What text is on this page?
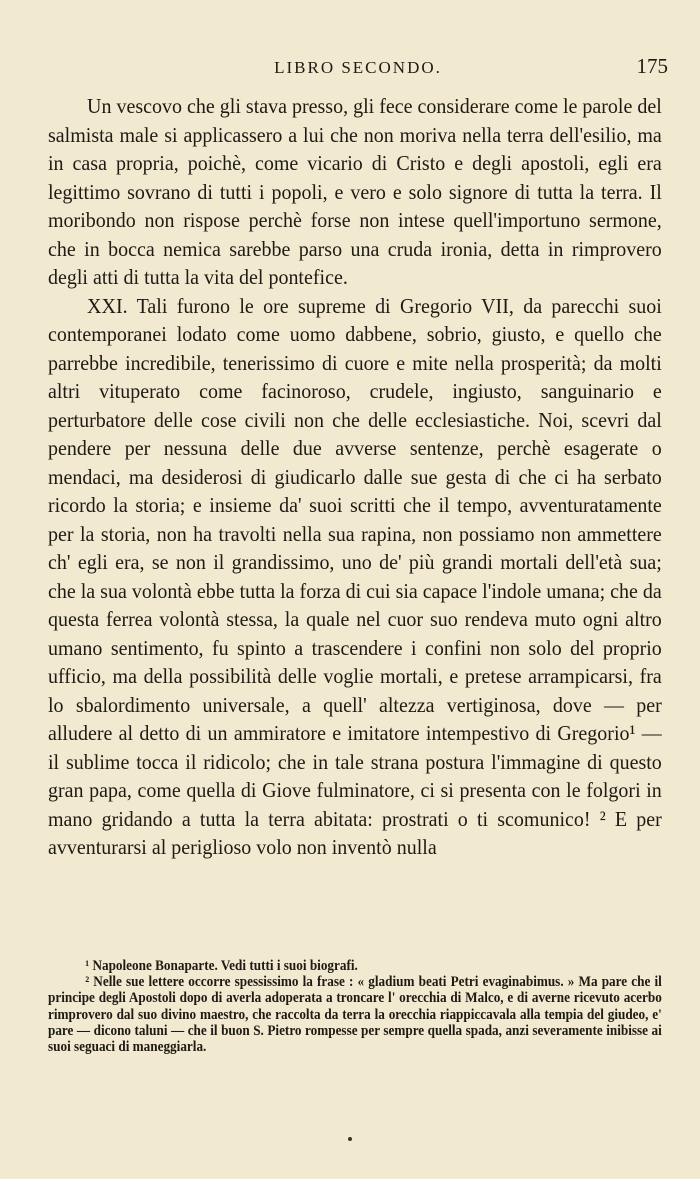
LIBRO SECONDO.	175

Un vescovo che gli stava presso, gli fece considerare come le parole del salmista male si applicassero a lui che non moriva nella terra dell'esilio, ma in casa propria, poichè, come vicario di Cristo e degli apostoli, egli era legittimo sovrano di tutti i popoli, e vero e solo signore di tutta la terra. Il moribondo non rispose perchè forse non intese quell'importuno sermone, che in bocca nemica sarebbe parso una cruda ironia, detta in rimprovero degli atti di tutta la vita del pontefice.

XXI. Tali furono le ore supreme di Gregorio VII, da parecchi suoi contemporanei lodato come uomo dabbene, sobrio, giusto, e quello che parrebbe incredibile, tenerissimo di cuore e mite nella prosperità; da molti altri vituperato come facinoroso, crudele, ingiusto, sanguinario e perturbatore delle cose civili non che delle ecclesiastiche. Noi, scevri dal pendere per nessuna delle due avverse sentenze, perchè esagerate o mendaci, ma desiderosi di giudicarlo dalle sue gesta di che ci ha serbato ricordo la storia; e insieme da' suoi scritti che il tempo, avventuratamente per la storia, non ha travolti nella sua rapina, non possiamo non ammettere ch' egli era, se non il grandissimo, uno de' più grandi mortali dell'età sua; che la sua volontà ebbe tutta la forza di cui sia capace l'indole umana; che da questa ferrea volontà stessa, la quale nel cuor suo rendeva muto ogni altro umano sentimento, fu spinto a trascendere i confini non solo del proprio ufficio, ma della possibilità delle voglie mortali, e pretese arrampicarsi, fra lo sbalordimento universale, a quell' altezza vertiginosa, dove — per alludere al detto di un ammiratore e imitatore intempestivo di Gregorio¹ — il sublime tocca il ridicolo; che in tale strana postura l'immagine di questo gran papa, come quella di Giove fulminatore, ci si presenta con le folgori in mano gridando a tutta la terra abitata: prostrati o ti scomunico! ² E per avventurarsi al periglioso volo non inventò nulla

¹ Napoleone Bonaparte. Vedi tutti i suoi biografi.

² Nelle sue lettere occorre spessissimo la frase : « gladium beati Petri evaginabimus. » Ma pare che il principe degli Apostoli dopo di averla adoperata a troncare l' orecchia di Malco, e di averne ricevuto acerbo rimprovero dal suo divino maestro, che raccolta da terra la orecchia riappiccavala alla tempia del giudeo, e' pare — dicono taluni — che il buon S. Pietro rompesse per sempre quella spada, anzi severamente inibisse ai suoi seguaci di maneggiarla.
